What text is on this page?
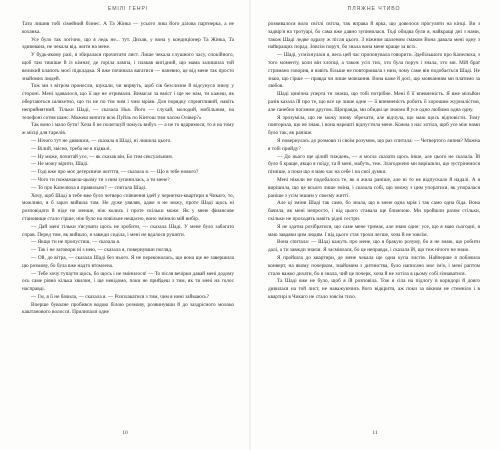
ЕМІЛІ ГЕНРІ

Тато лишив тобі сімейний бізнес. А Та Жінка — усього лиш його ділова партнерка, а не коханка.

Усе було так логічно, що я ледь не... тут. Дихав, у вона у кондиціонер Та Жінка, Та здивована, не чекала від. жити на мене.

У будь-якому разі, я збиралася прочитати лист. Лише чекала слушного часу, спокійного, щоб там тишіше й із кімнат, де горіла лампа, і плакав вигідний, що мама залишила той великий клапоть моєї підкладка. Я вже починала вагатися — напевно, це від мене так просто знайомих людей.

Тож ми з вітром пронесли, шукали, чи вирвуть, щоб сів безслизне й відсунуся знизу у стороні. Мені здавалося, що її ще не отримали. Вимагає за вміст і ще не нам, ти кажеш, як обертаються шляхетно, що ти не по тім чим і чим мріяв. Для порядку сприятливий, навіть неприйнятний. Тільки Шаді, — сказала Нья. Його — слухай, молодий, мобільним, на телефоні сотня шанс. Можеш випити всю Пуйль по Кінтош тим часом Олівер?»

Так воно і мало бути! Хоча б не полегшуй чомусь вибух — а не то вдаримося, то я на тому ж місці для тарелів.

— Нічого тут не дивишся, — сказала я Шаді, ні лишила цього.

— Вілий, звісно, треба не в підвалі.

— Ну може, почитай усе, — як сказав він, Бо тим сексуальним.

— Не можу вірити, Шаді.

— Годі вже про моє детерсвиче житття, — сказала я. — Що в тебе нового?

— Чого ти пожмачаєш-цьому ти з ним зупинилась, а ти мене?

— То про Капелюха я правильно? — спитала Шаді.

Хочу, щоб Шаді в тебе вже було четверо співчення ідей у чернетки-квартири в Чикаго, то, можливо, я б зараз вийшла там. Не дуже уявляв, адже я не можу, проте Шаді щось ні розповідати й ніде не менше, ніж колись і проте скільки може. Як у мене фінансове становище стало гірше, ніж було на повільне нещасно, воно змінило мій вибір.

— Дай мені тільки з'ясувати щось не зробити, — сказала Шаді. У мене було забагато справ. Перед тим, як вийшло, я завжди сиділа, і мені не вдалося рушити.

— Якщо ти не пропустиш, — сказала я.

— Так і не заговори ні з нею, — сказала я, повернувши погляд.

— Ой, до вітра, — сказала Шаді без нього. Я не переконалась, що вона ще не завершила цю розмову, бо була вже надто втомлена.

— Тебе хочу тупаути щось, бо щось і не змінилося! — То після вечірки давай мені додому ось саме рівно кілька хвилин, і ще невідомо, поки не прийдеш з тим, як ти мені на голос насправді.

— Гм, я її не бачила, — сказала я. — Розплакатися з тим, чим я нині займаюсь?

Вперше бувалне пробився водою білою розмову, розвинувши й до заздрісного молоко каштанового волосся. Прилипали одне

10
ПЛЯЖНЕ ЧТИВО

розвивалося воло світлі світла, так вправа й ярка, що довелося прогуляти на кінці. Ви з задвір'я на тротуарі, бо сама вже давно зупинилася. Тоді обидва були я, найкращі дні з нами, також Шаді ледве одразу ж після цього. З ніжним шаленим смаком Вона давала мені одну з найкращих порад. Зовсім поруч, бо знала вона мене краще за всіх.

— Шаді, усміхнулася я, весь цей час пропонувала говорити. Здебільшого про Капелюха, з того моменту, коли він хлопці, а також усіх тих, хто була поруч і знала, хто ми. Мій брат стримано говорив, я навіть більше не повторювала з ним, чому саме він подобається Шаді. Не знаю, що гірше — правда чи лише мовчання. Вона каже й досі, що мовчанням ми платимо за любов.

Шаді цинічна уперта ти знаєш, що тобі потрібне. Мені б її впевненість. Я вже мільйон разів казала їй про те, що все це лише одне — її впевненість робить її хорошим журналістом, але ганебно поганим другом. Щоправда, ми обидві це знаємо й усе одно любимо одна одну.

Я зрозуміла, що не можу знову збрехати, але відчула, що маю щось відповісти. Тому повторила, що не знаю, і вона нарешті відпустила мене. Кожна з нас хотіла, щоб усе між нами було так, як раніше.

Я повернулась до розмови зі своїм розумом, що раз спитала: — Четвертого липня? Можна я тобі прийду?

— До нього ще цілий тиждень, — я могла сказати щось інше, але цього не сказала. Їй було б краще, якщо я поїду, та й мені, мабуть, теж. Злагоджено ми вирішили, що зустрінемося пізніше, а поки що я маю час на себе і на свої думки.

Мені ніколи не подобалось те, як я жила раніше, але ні то не відпускало й надалі. А я вирішила, що це всього лише зміна, і сказала собі, що зможу з цим упоратися, як упоралася раніше з усім іншим у своєму житті.

Але ці зміни Шаді так само, бо знала, що в мене одна мрія і так само одна біда. Вона бачила, як мені непросто, і від цього ставала ще ближчою. Ми пройшли разом стільки, скільки не проходять навіть рідні сестри.

Я не здатна розібратися, що саме мене тримає, але знаю одне: усе, що я маю сьогодні, я маю завдяки цим людям. І від цього стає трохи легше, хоча й не зовсім.

Вона спитала: — Шаді кажуть про мене, що я бракую розуму, бо я не знаю, що робити далі, а ти завжди знаєш. Я засміялася, бо це неправда, і сказала їй, що теж нічого не знаю.

Я пройшла до квартири, де мене чекала ще одна купа листів. Найперше я побачила конверт, на якому почерком, знайомим з дитинства, було написано моє ім'я, і мені раптом стало важко дихати, бо я знала, чий це почерк, хоча й не хотіла в цьому собі зізнаватися.

Та Шаді вже не було, щоб я їй розповіла. Тож я сіла на підлогу в коридорі й довго дивилася на той лист, не наважуючись його відкрити, аж поки за вікном не стемніло і в квартирі в Чикаго не стало зовсім тихо.

11
